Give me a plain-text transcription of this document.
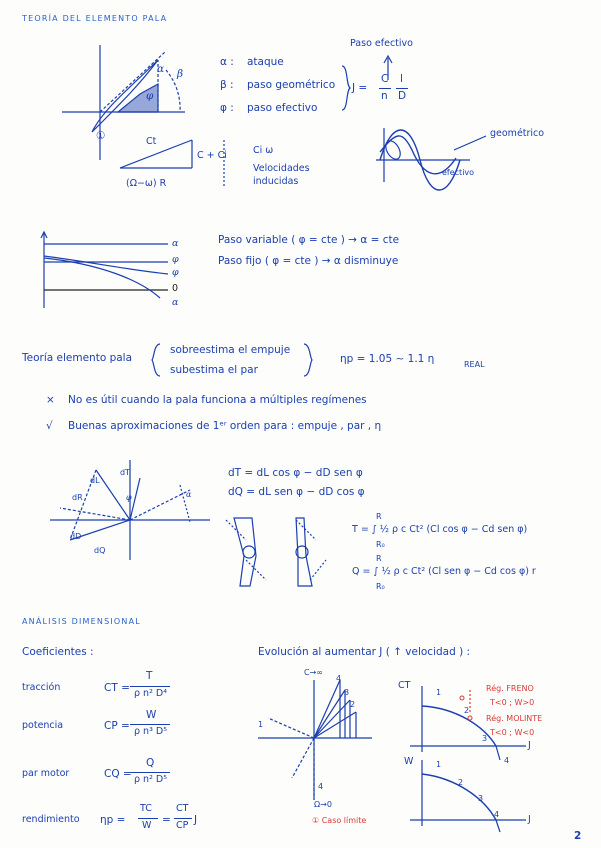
TEORÍA DEL ELEMENTO PALA
α
φ
β
①	Ct
C + Ci
(Ω−ω) R
Ci ω
Velocidades
inducidas
α : ataque
β : paso geométrico
φ : paso efectivo
J =
C
n
l
D
Paso efectivo
geométrico
efectivo
α
φ
φ
0
α
Paso variable ( φ = cte ) → α = cte
Paso fijo ( φ = cte ) → α disminuye
Teoría elemento pala
sobreestima el empuje
subestima el par
ηp = 1.05 ∼ 1.1 η	REAL
× No es útil cuando la pala funciona a múltiples regímenes
√ Buenas aproximaciones de 1ᵉʳ orden para : empuje , par , η
dT
dL
dR
dD
dQ
φ	α
dT = dL cos φ − dD sen φ
dQ = dL sen φ − dD cos φ
T = ∫ ½ ρ c Ct² (Cl cos φ − Cd sen φ)
Q = ∫ ½ ρ c Ct² (Cl sen φ − Cd cos φ) r
R
R₀
R
R₀
ANÁLISIS DIMENSIONAL
Coeficientes :
tracción	CT =
T
ρ n² D⁴
potencia	CP =
W
ρ n³ D⁵
par motor	CQ =
Q
ρ n² D⁵
rendimiento ηp =
TC
W =
CT
CP J
Evolución al aumentar J ( ↑ velocidad ) :
C→∞
4
3
2
1
4
Ω→0
① Caso límite
CT
J
1
2
3
4
Rég. FRENO
T<0 ; W>0
Rég. MOLINTE
T<0 ; W<0
W
J
1
2
3
4
2
